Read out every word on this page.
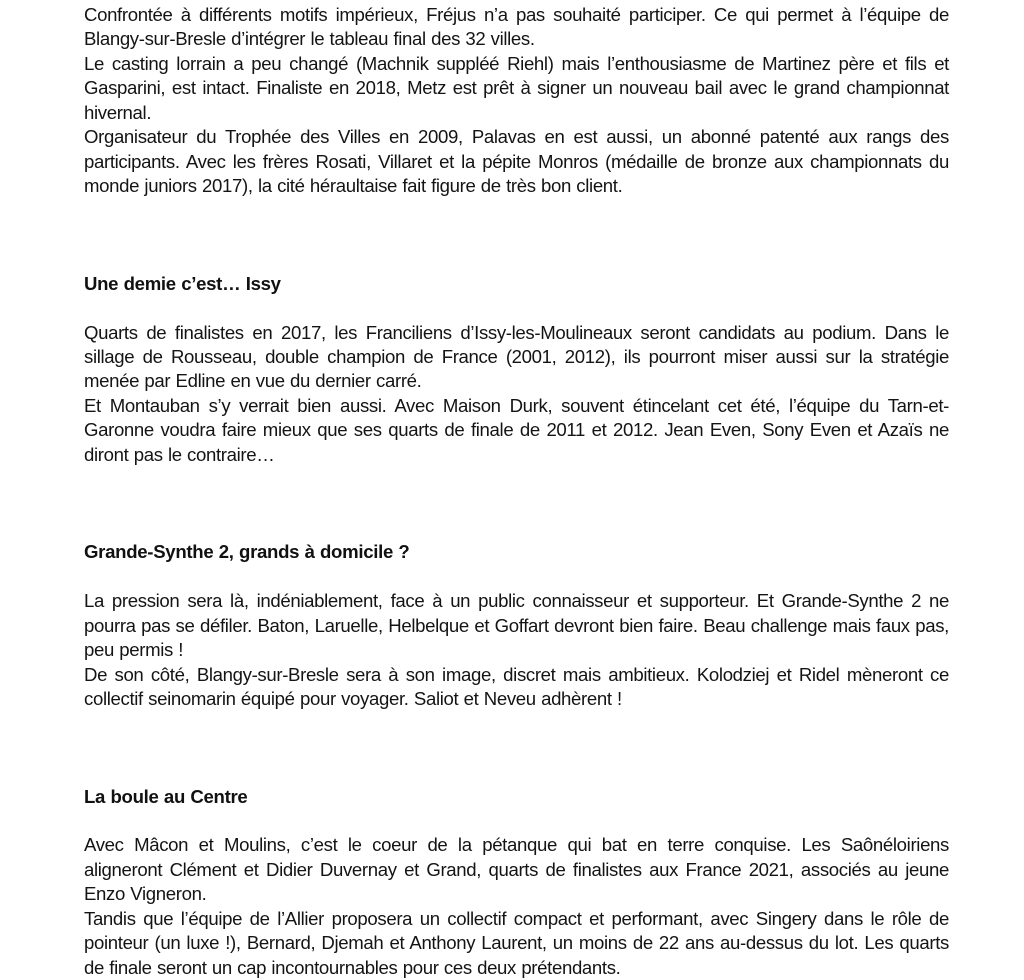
Confrontée à différents motifs impérieux, Fréjus n’a pas souhaité participer. Ce qui permet à l’équipe de Blangy-sur-Bresle d’intégrer le tableau final des 32 villes.

Le casting lorrain a peu changé (Machnik suppléé Riehl) mais l’enthousiasme de Martinez père et fils et Gasparini, est intact. Finaliste en 2018, Metz est prêt à signer un nouveau bail avec le grand championnat hivernal.

Organisateur du Trophée des Villes en 2009, Palavas en est aussi, un abonné patenté aux rangs des participants. Avec les frères Rosati, Villaret et la pépite Monros (médaille de bronze aux championnats du monde juniors 2017), la cité héraultaise fait figure de très bon client.

Une demie c’est… Issy

Quarts de finalistes en 2017, les Franciliens d’Issy-les-Moulineaux seront candidats au podium. Dans le sillage de Rousseau, double champion de France (2001, 2012), ils pourront miser aussi sur la stratégie menée par Edline en vue du dernier carré.

Et Montauban s’y verrait bien aussi. Avec Maison Durk, souvent étincelant cet été, l’équipe du Tarn-et-Garonne voudra faire mieux que ses quarts de finale de 2011 et 2012. Jean Even, Sony Even et Azaïs ne diront pas le contraire…

Grande-Synthe 2, grands à domicile ?

La pression sera là, indéniablement, face à un public connaisseur et supporteur. Et Grande-Synthe 2 ne pourra pas se défiler. Baton, Laruelle, Helbelque et Goffart devront bien faire. Beau challenge mais faux pas, peu permis !

De son côté, Blangy-sur-Bresle sera à son image, discret mais ambitieux. Kolodziej et Ridel mèneront ce collectif seinomarin équipé pour voyager. Saliot et Neveu adhèrent !

La boule au Centre

Avec Mâcon et Moulins, c’est le coeur de la pétanque qui bat en terre conquise. Les Saônéloiriens aligneront Clément et Didier Duvernay et Grand, quarts de finalistes aux France 2021, associés au jeune Enzo Vigneron.

Tandis que l’équipe de l’Allier proposera un collectif compact et performant, avec Singery dans le rôle de pointeur (un luxe !), Bernard, Djemah et Anthony Laurent, un moins de 22 ans au-dessus du lot. Les quarts de finale seront un cap incontournables pour ces deux prétendants.
